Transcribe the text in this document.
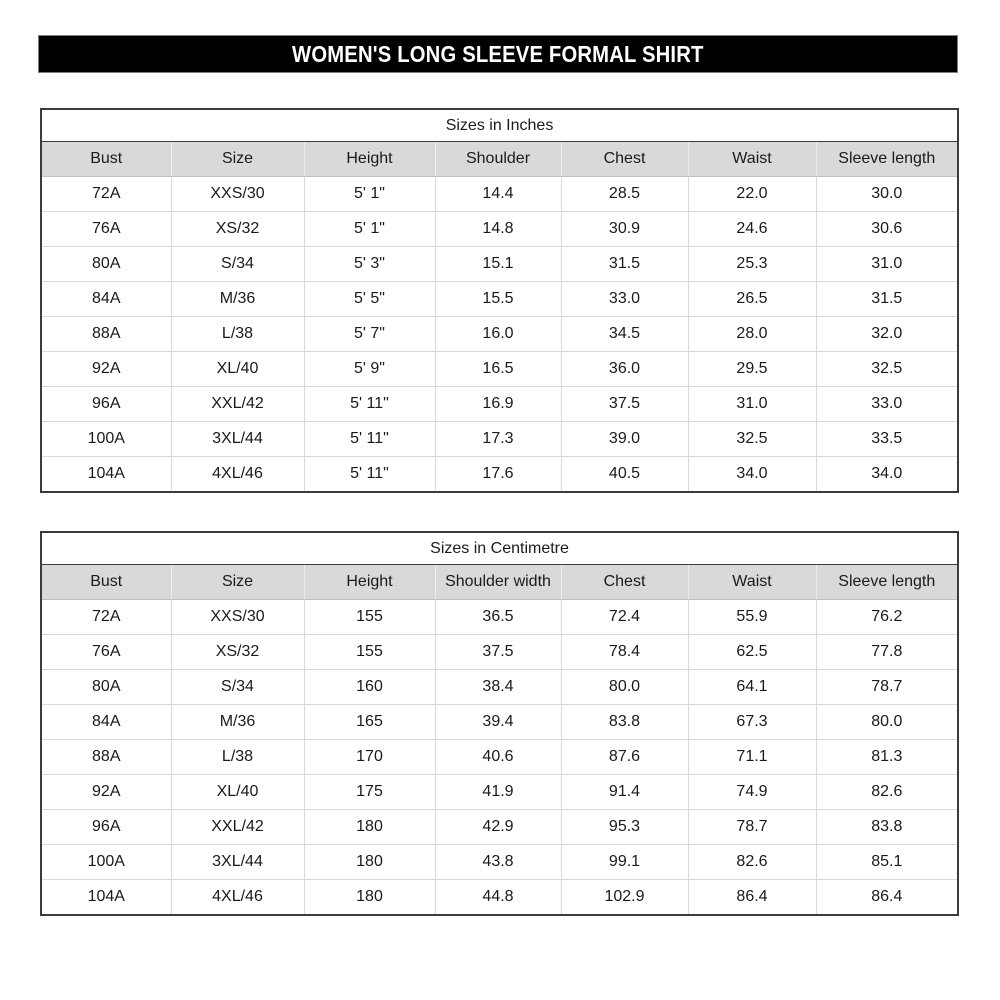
WOMEN'S LONG SLEEVE FORMAL SHIRT
Sizes in Inches						
Bust	Size	Height	Shoulder	Chest	Waist	Sleeve length
72A	XXS/30	5' 1"	14.4	28.5	22.0	30.0
76A	XS/32	5' 1"	14.8	30.9	24.6	30.6
80A	S/34	5' 3"	15.1	31.5	25.3	31.0
84A	M/36	5' 5"	15.5	33.0	26.5	31.5
88A	L/38	5' 7"	16.0	34.5	28.0	32.0
92A	XL/40	5' 9"	16.5	36.0	29.5	32.5
96A	XXL/42	5' 11"	16.9	37.5	31.0	33.0
100A	3XL/44	5' 11"	17.3	39.0	32.5	33.5
104A	4XL/46	5' 11"	17.6	40.5	34.0	34.0
Sizes in Centimetre						
Bust	Size	Height	Shoulder width	Chest	Waist	Sleeve length
72A	XXS/30	155	36.5	72.4	55.9	76.2
76A	XS/32	155	37.5	78.4	62.5	77.8
80A	S/34	160	38.4	80.0	64.1	78.7
84A	M/36	165	39.4	83.8	67.3	80.0
88A	L/38	170	40.6	87.6	71.1	81.3
92A	XL/40	175	41.9	91.4	74.9	82.6
96A	XXL/42	180	42.9	95.3	78.7	83.8
100A	3XL/44	180	43.8	99.1	82.6	85.1
104A	4XL/46	180	44.8	102.9	86.4	86.4
